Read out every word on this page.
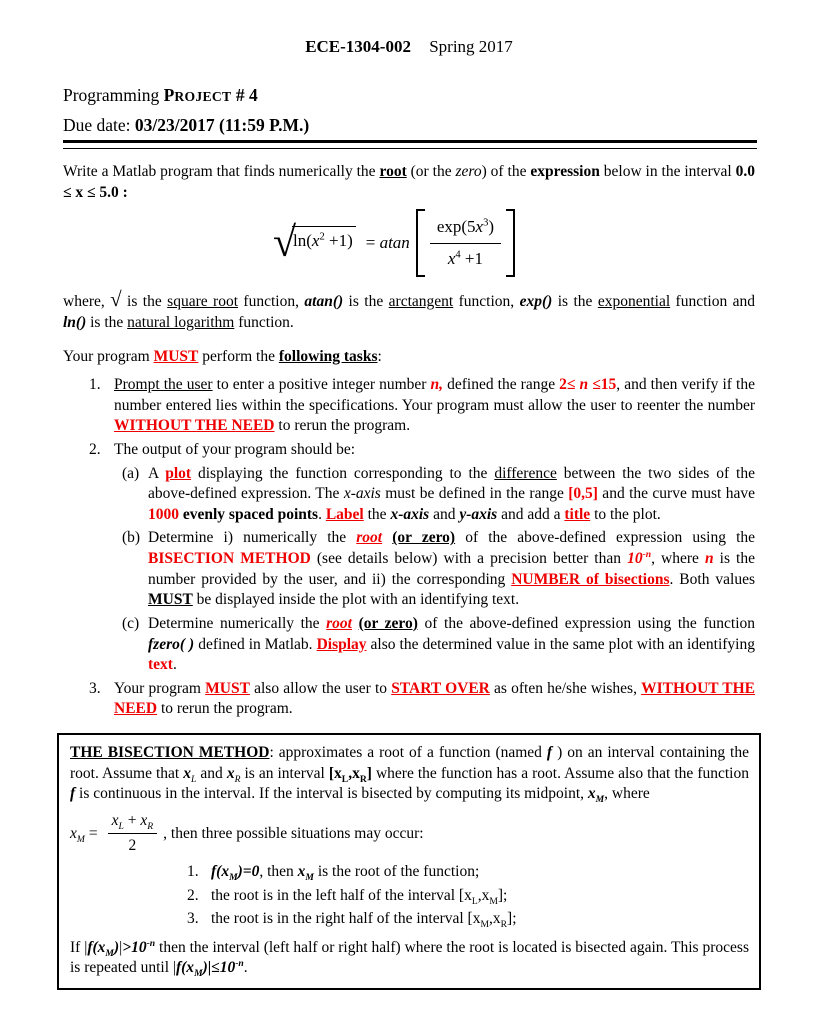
ECE-1304-002 Spring 2017
Programming PROJECT # 4
Due date: 03/23/2017 (11:59 P.M.)

Write a Matlab program that finds numerically the root (or the zero) of the expression below in the interval 0.0 ≤ x ≤ 5.0 :

√
$\ln(x^2 +1) = atan \frac{\exp(5x^3)}{x^4 +1}$

where, √ is the square root function, atan() is the arctangent function, exp() is the exponential function and ln() is the natural logarithm function.

Your program MUST perform the following tasks:

1. Prompt the user to enter a positive integer number n, defined the range 2≤ n ≤15, and then verify if the number entered lies within the specifications. Your program must allow the user to reenter the number WITHOUT THE NEED to rerun the program.
2. The output of your program should be:
(a) A plot displaying the function corresponding to the difference between the two sides of the above-defined expression. The x-axis must be defined in the range [0,5] and the curve must have 1000 evenly spaced points. Label the x-axis and y-axis and add a title to the plot.
(b) Determine i) numerically the root (or zero) of the above-defined expression using the BISECTION METHOD (see details below) with a precision better than $10^{-n}$, where n is the number provided by the user, and ii) the corresponding NUMBER of bisections. Both values MUST be displayed inside the plot with an identifying text.
(c) Determine numerically the root (or zero) of the above-defined expression using the function fzero( ) defined in Matlab. Display also the determined value in the same plot with an identifying text.
3. Your program MUST also allow the user to START OVER as often he/she wishes, WITHOUT THE NEED to rerun the program.

THE BISECTION METHOD: approximates a root of a function (named f ) on an interval containing the root. Assume that $x_L$ and $x_R$ is an interval $[x_L,x_R]$ where the function has a root. Assume also that the function f is continuous in the interval. If the interval is bisected by computing its midpoint, $x_M$, where

$x_M = \frac{x_L + x_R}{2}$ , then three possible situations may occur:
1. $f(x_M)=0$, then $x_M$ is the root of the function;
2. the root is in the left half of the interval $[x_L,x_M]$;
3. the root is in the right half of the interval $[x_M,x_R]$;

If $|f(x_M)|>10^{-n}$ then the interval (left half or right half) where the root is located is bisected again. This process is repeated until $|f(x_M)|\le 10^{-n}$.
